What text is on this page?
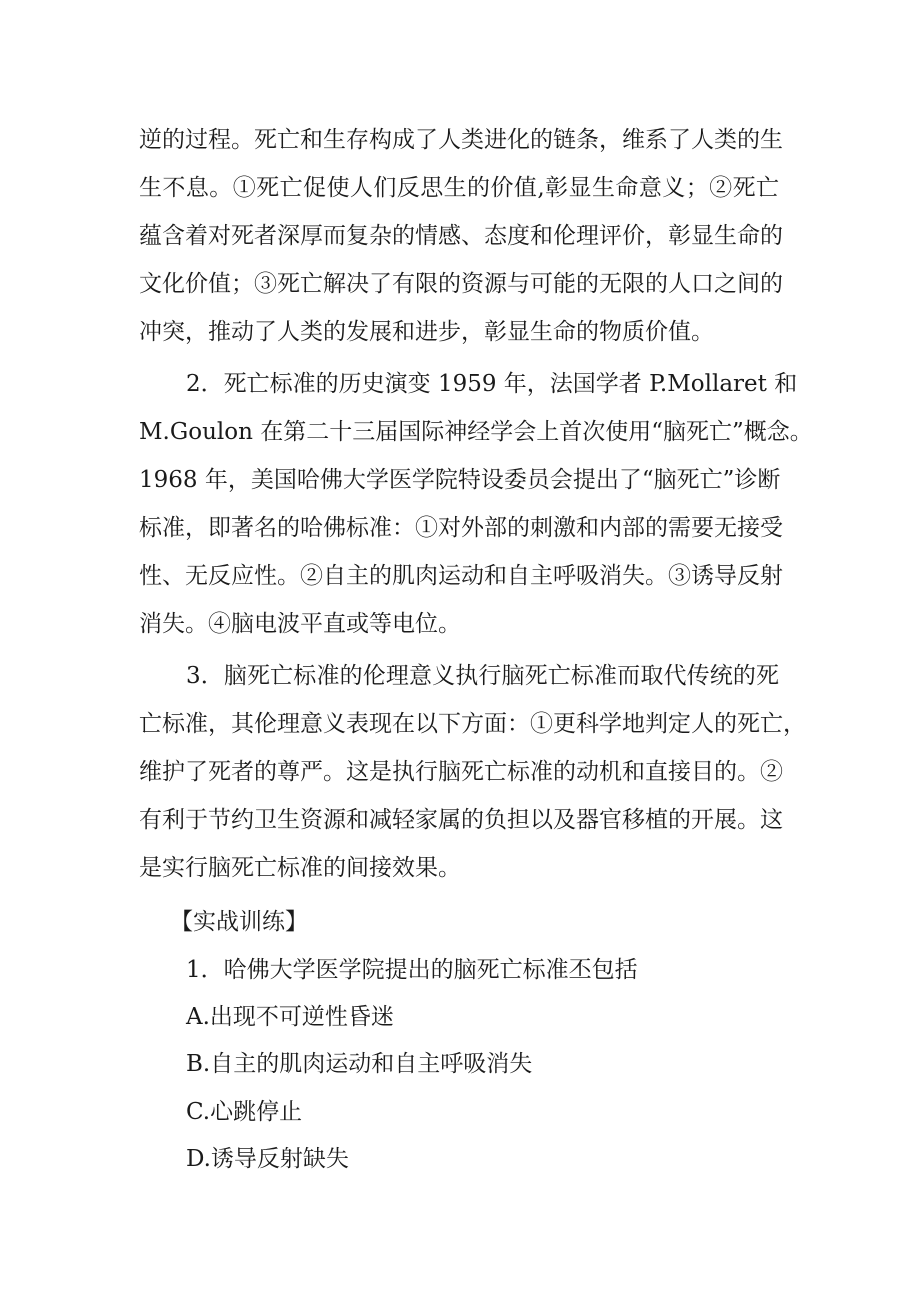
逆的过程。死亡和生存构成了人类进化的链条，维系了人类的生
生不息。①死亡促使人们反思生的价值,彰显生命意义；②死亡
蕴含着对死者深厚而复杂的情感、态度和伦理评价，彰显生命的
文化价值；③死亡解决了有限的资源与可能的无限的人口之间的
冲突，推动了人类的发展和进步，彰显生命的物质价值。
2．死亡标准的历史演变 1959 年，法国学者 P.Mollaret 和
M.Goulon 在第二十三届国际神经学会上首次使用“脑死亡”概念。
1968 年，美国哈佛大学医学院特设委员会提出了“脑死亡”诊断
标准，即著名的哈佛标准：①对外部的刺激和内部的需要无接受
性、无反应性。②自主的肌肉运动和自主呼吸消失。③诱导反射
消失。④脑电波平直或等电位。
3．脑死亡标准的伦理意义执行脑死亡标准而取代传统的死
亡标准，其伦理意义表现在以下方面：①更科学地判定人的死亡，
维护了死者的尊严。这是执行脑死亡标准的动机和直接目的。②
有利于节约卫生资源和减轻家属的负担以及器官移植的开展。这
是实行脑死亡标准的间接效果。
【实战训练】
1．哈佛大学医学院提出的脑死亡标准丕包括
A.出现不可逆性昏迷
B.自主的肌肉运动和自主呼吸消失
C.心跳停止
D.诱导反射缺失
